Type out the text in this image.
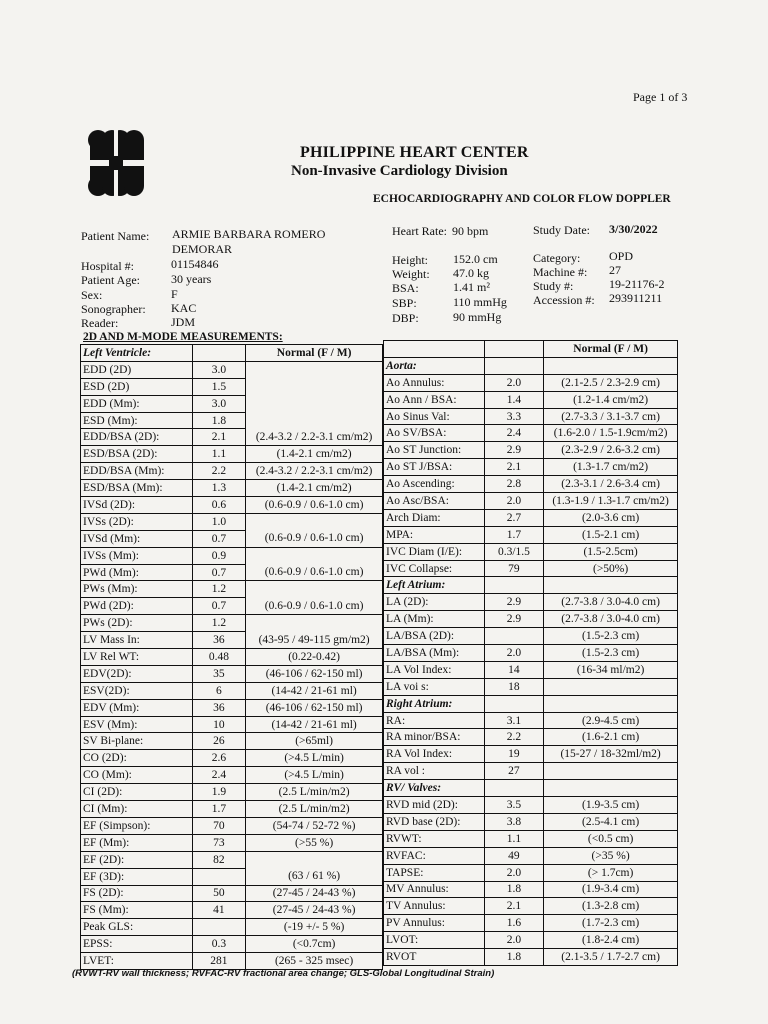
Page 1 of 3
PHILIPPINE HEART CENTER
Non-Invasive Cardiology Division
ECHOCARDIOGRAPHY AND COLOR FLOW DOPPLER
Patient Name: ARMIE BARBARA ROMERO
DEMORAR
Hospital #:	01154846
Patient Age:	30 years
Sex:	F
Sonographer: KAC
Reader:	JDM
Heart Rate: 90 bpm
Height: 152.0 cm
Weight: 47.0 kg
BSA:	1.41 m²
SBP:	110 mmHg
DBP:	90 mmHg
Study Date: 3/30/2022
Category: OPD
Machine #: 27
Study #:	19-21176-2
Accession #: 293911211
2D AND M-MODE MEASUREMENTS:
Left Ventricle:		Normal (F / M)
EDD (2D)	3.0	
ESD (2D)	1.5	
EDD (Mm):	3.0	
ESD (Mm):	1.8	
EDD/BSA (2D):	2.1	(2.4-3.2 / 2.2-3.1 cm/m2)
ESD/BSA (2D):	1.1	(1.4-2.1 cm/m2)
EDD/BSA (Mm):	2.2	(2.4-3.2 / 2.2-3.1 cm/m2)
ESD/BSA (Mm):	1.3	(1.4-2.1 cm/m2)
IVSd (2D):	0.6	(0.6-0.9 / 0.6-1.0 cm)
IVSs (2D):	1.0	
IVSd (Mm):	0.7	(0.6-0.9 / 0.6-1.0 cm)
IVSs (Mm):	0.9	
PWd (Mm):	0.7	(0.6-0.9 / 0.6-1.0 cm)
PWs (Mm):	1.2	
PWd (2D):	0.7	(0.6-0.9 / 0.6-1.0 cm)
PWs (2D):	1.2	
LV Mass In:	36	(43-95 / 49-115 gm/m2)
LV Rel WT:	0.48	(0.22-0.42)
EDV(2D):	35	(46-106 / 62-150 ml)
ESV(2D):	6	(14-42 / 21-61 ml)
EDV (Mm):	36	(46-106 / 62-150 ml)
ESV (Mm):	10	(14-42 / 21-61 ml)
SV Bi-plane:	26	(>65ml)
CO (2D):	2.6	(>4.5 L/min)
CO (Mm):	2.4	(>4.5 L/min)
CI (2D):	1.9	(2.5 L/min/m2)
CI (Mm):	1.7	(2.5 L/min/m2)
EF (Simpson):	70	(54-74 / 52-72 %)
EF (Mm):	73	(>55 %)
EF (2D):	82	
EF (3D):		(63 / 61 %)
FS (2D):	50	(27-45 / 24-43 %)
FS (Mm):	41	(27-45 / 24-43 %)
Peak GLS:		(-19 +/- 5 %)
EPSS:	0.3	(<0.7cm)
LVET:	281	(265 - 325 msec)
		Normal (F / M)
Aorta:		
Ao Annulus:	2.0	(2.1-2.5 / 2.3-2.9 cm)
Ao Ann / BSA:	1.4	(1.2-1.4 cm/m2)
Ao Sinus Val:	3.3	(2.7-3.3 / 3.1-3.7 cm)
Ao SV/BSA:	2.4	(1.6-2.0 / 1.5-1.9cm/m2)
Ao ST Junction:	2.9	(2.3-2.9 / 2.6-3.2 cm)
Ao ST J/BSA:	2.1	(1.3-1.7 cm/m2)
Ao Ascending:	2.8	(2.3-3.1 / 2.6-3.4 cm)
Ao Asc/BSA:	2.0	(1.3-1.9 / 1.3-1.7 cm/m2)
Arch Diam:	2.7	(2.0-3.6 cm)
MPA:	1.7	(1.5-2.1 cm)
IVC Diam (I/E):	0.3/1.5	(1.5-2.5cm)
IVC Collapse:	79	(>50%)
Left Atrium:		
LA (2D):	2.9	(2.7-3.8 / 3.0-4.0 cm)
LA (Mm):	2.9	(2.7-3.8 / 3.0-4.0 cm)
LA/BSA (2D):		(1.5-2.3 cm)
LA/BSA (Mm):	2.0	(1.5-2.3 cm)
LA Vol Index:	14	(16-34 ml/m2)
LA voi s:	18	
Right Atrium:		
RA:	3.1	(2.9-4.5 cm)
RA minor/BSA:	2.2	(1.6-2.1 cm)
RA Vol Index:	19	(15-27 / 18-32ml/m2)
RA vol :	27	
RV/ Valves:		
RVD mid (2D):	3.5	(1.9-3.5 cm)
RVD base (2D):	3.8	(2.5-4.1 cm)
RVWT:	1.1	(<0.5 cm)
RVFAC:	49	(>35 %)
TAPSE:	2.0	(> 1.7cm)
MV Annulus:	1.8	(1.9-3.4 cm)
TV Annulus:	2.1	(1.3-2.8 cm)
PV Annulus:	1.6	(1.7-2.3 cm)
LVOT:	2.0	(1.8-2.4 cm)
RVOT	1.8	(2.1-3.5 / 1.7-2.7 cm)
(RVWT-RV wall thickness; RVFAC-RV fractional area change; GLS-Global Longitudinal Strain)
